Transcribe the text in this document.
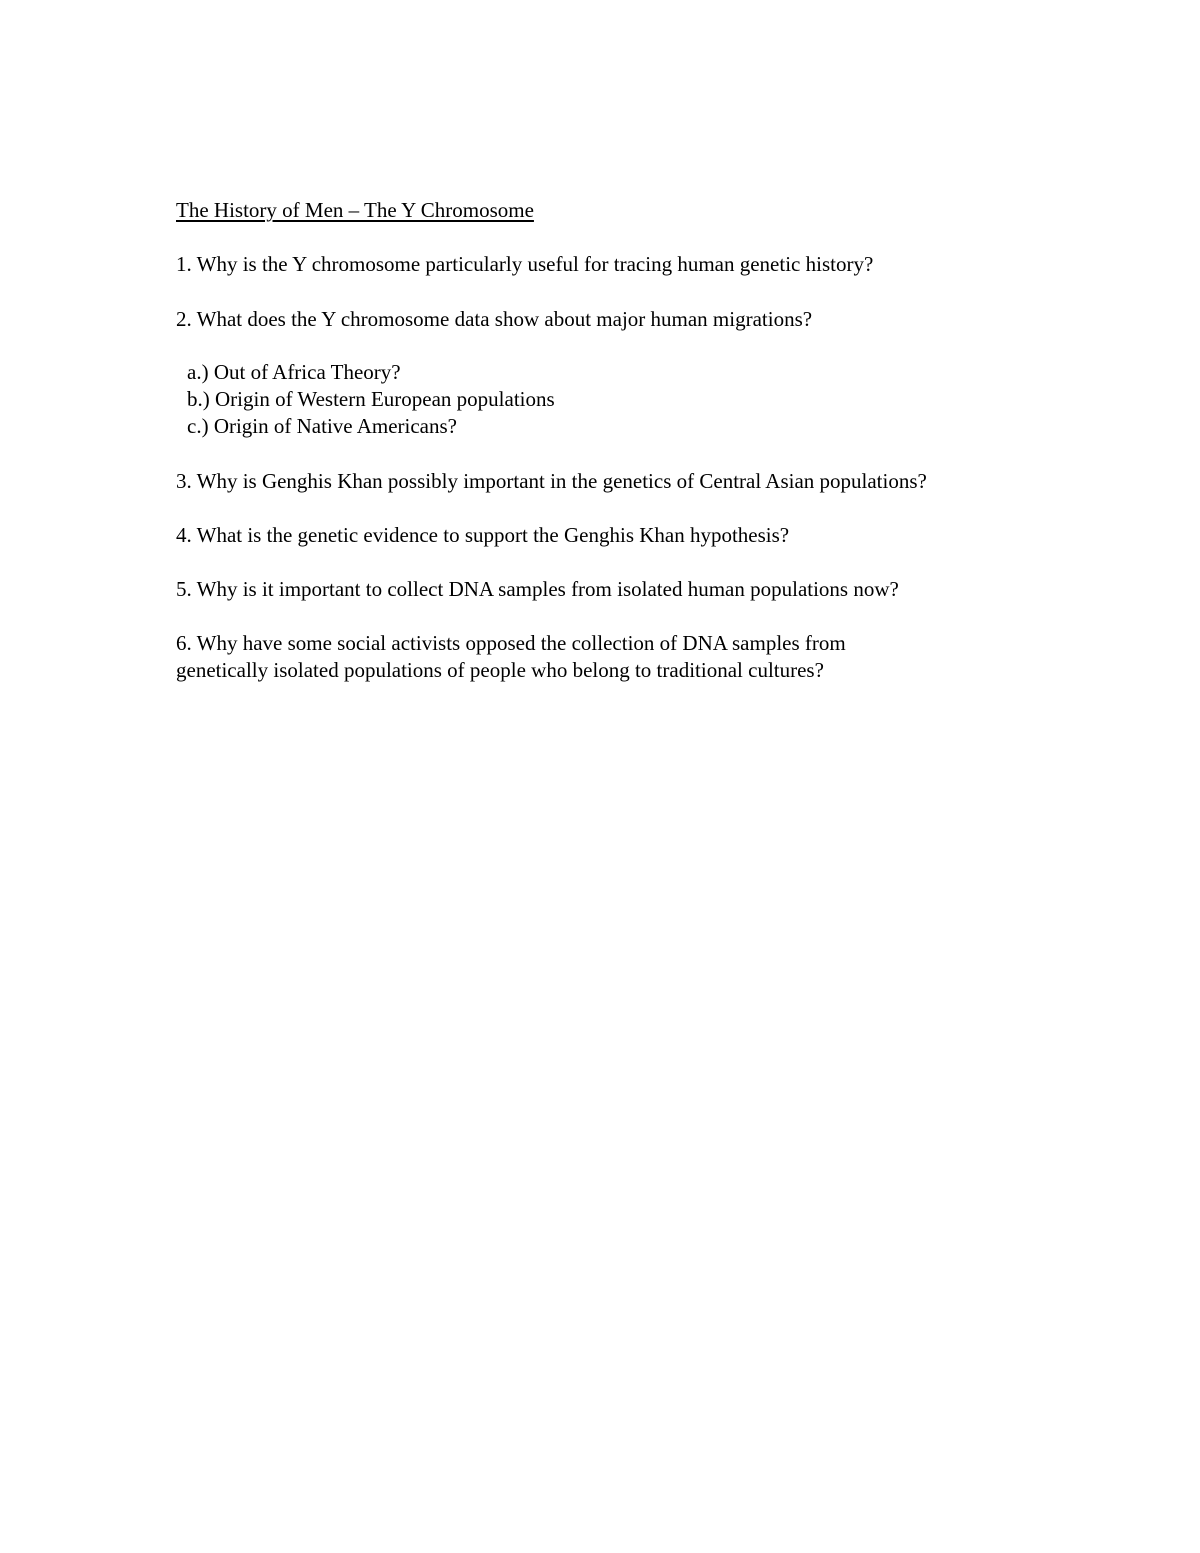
The History of Men – The Y Chromosome
1. Why is the Y chromosome particularly useful for tracing human genetic history?
2. What does the Y chromosome data show about major human migrations?
a.) Out of Africa Theory?
b.) Origin of Western European populations
c.) Origin of Native Americans?
3. Why is Genghis Khan possibly important in the genetics of Central Asian populations?
4. What is the genetic evidence to support the Genghis Khan hypothesis?
5. Why is it important to collect DNA samples from isolated human populations now?
6. Why have some social activists opposed the collection of DNA samples from
genetically isolated populations of people who belong to traditional cultures?
